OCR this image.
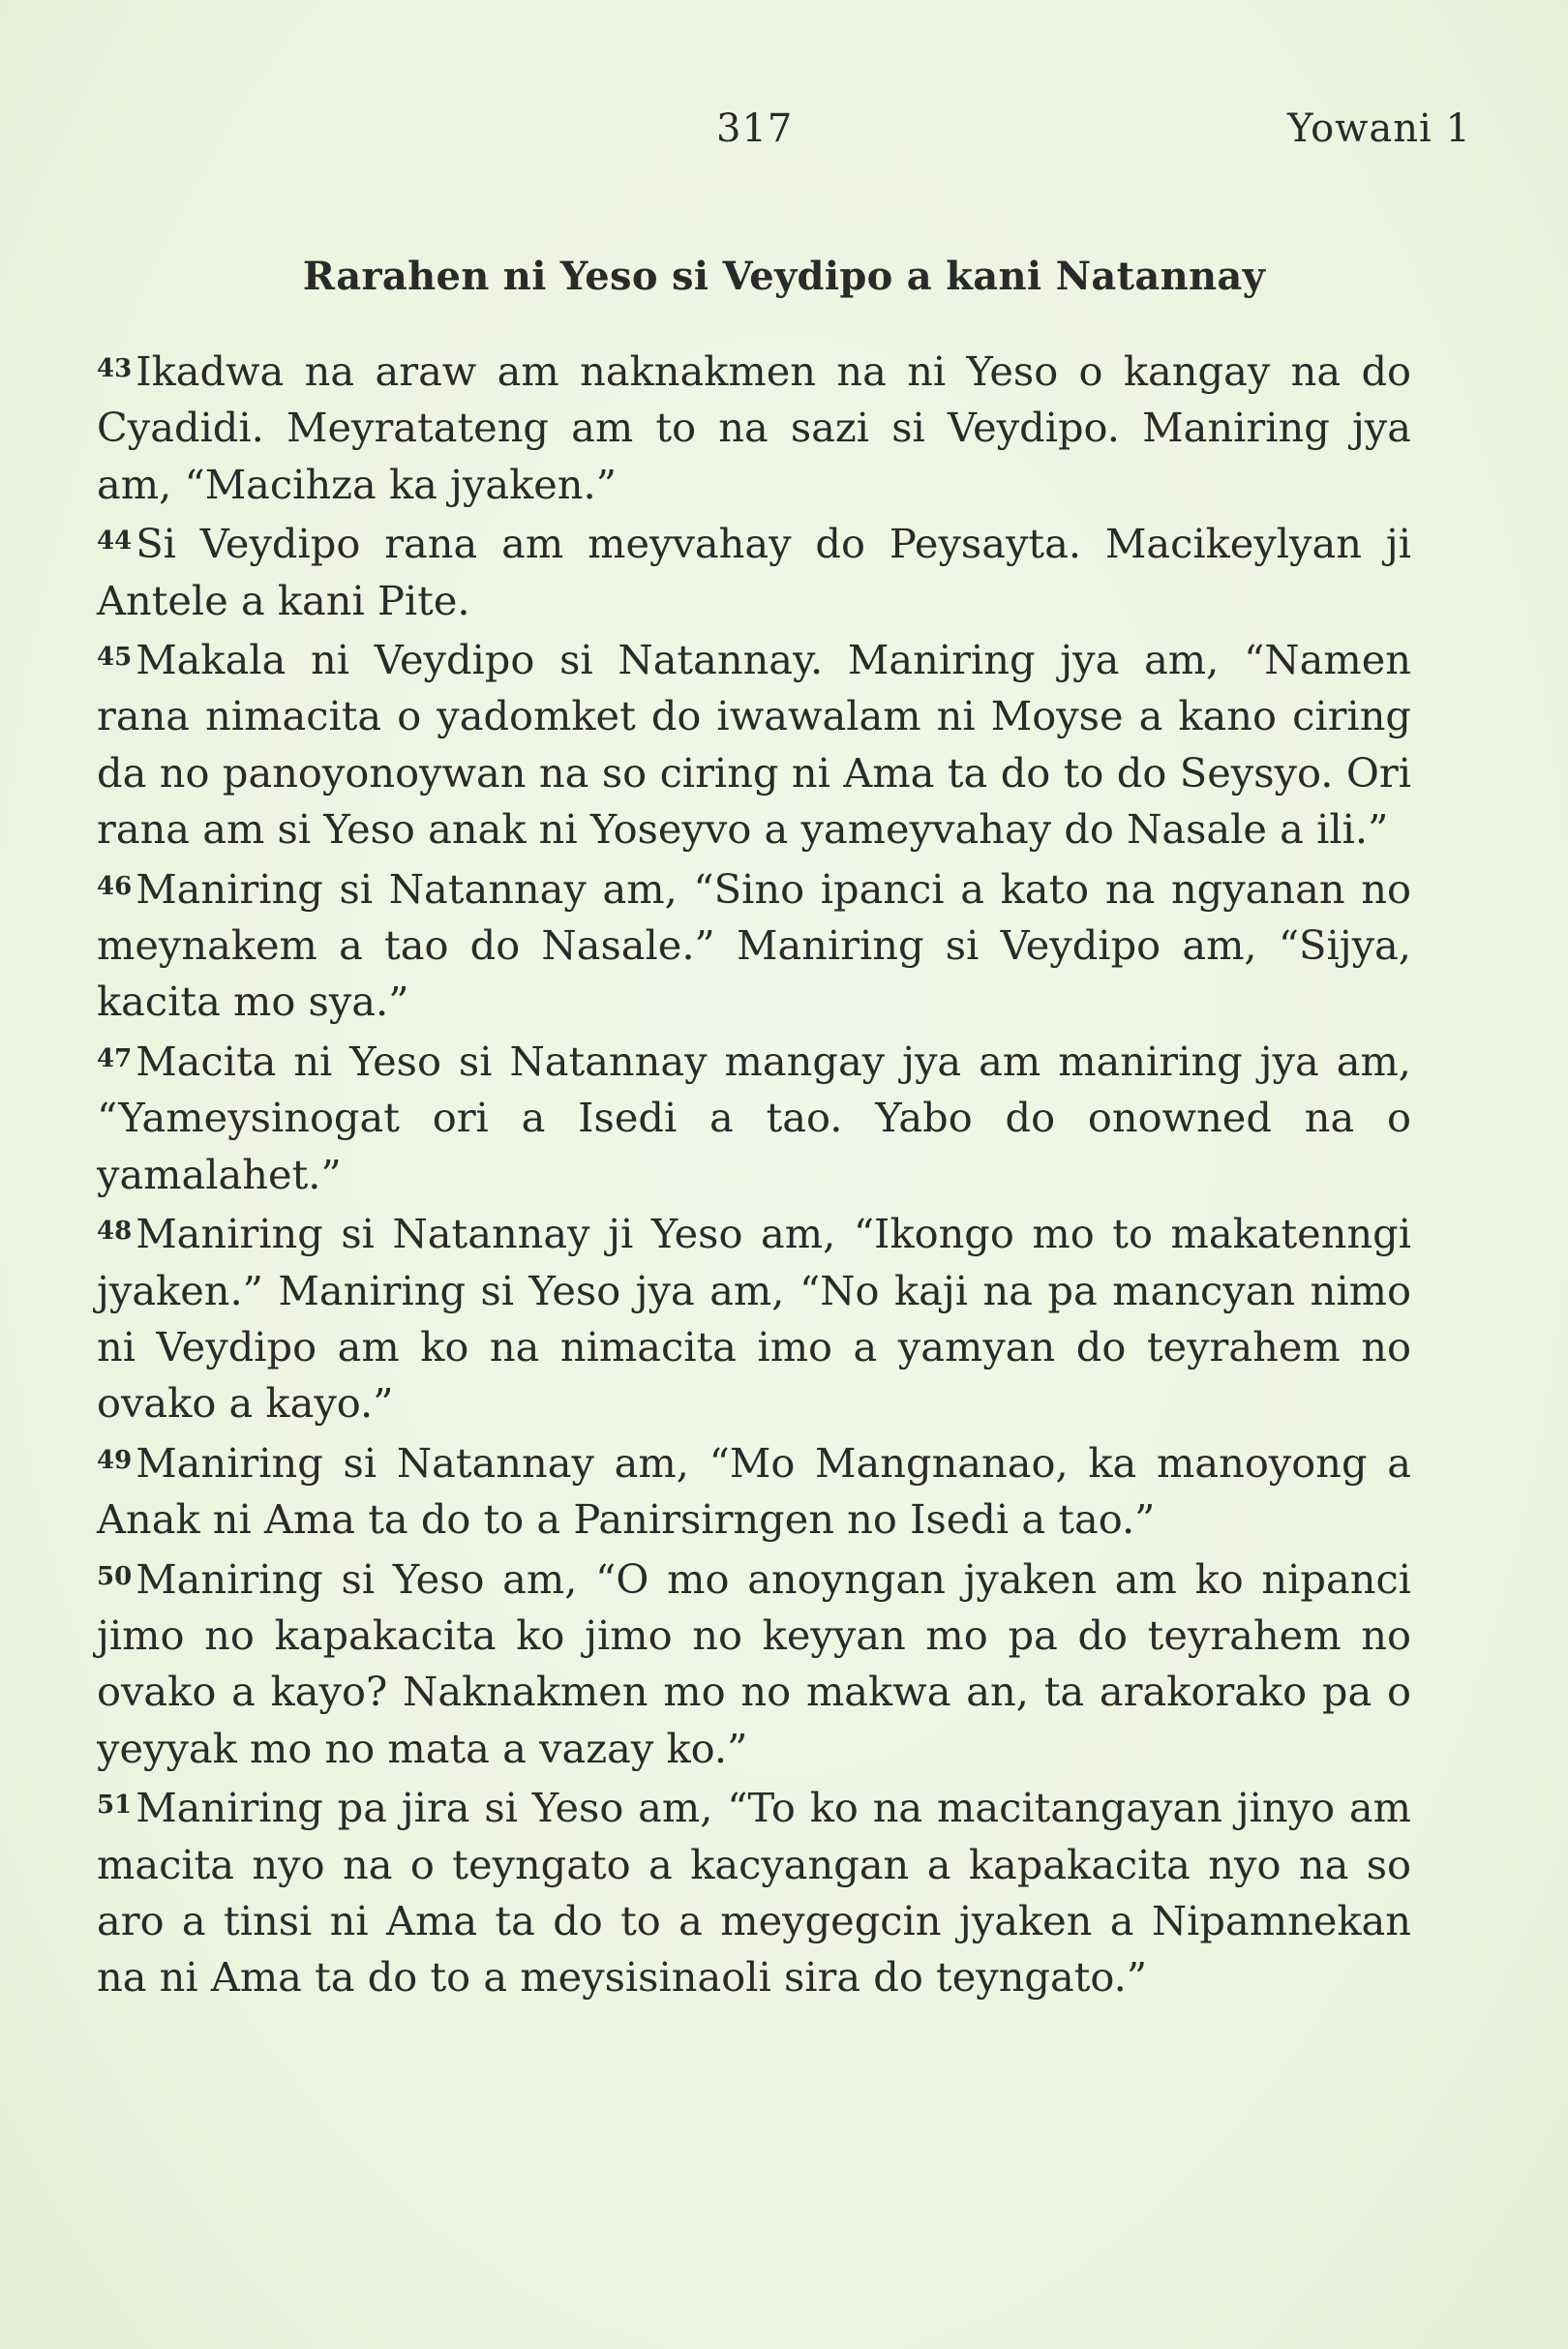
317	Yowani 1
Rarahen ni Yeso si Veydipo a kani Natannay

$^{43}$Ikadwa na araw am naknakmen na ni Yeso o kangay na do Cyadidi. Meyratateng am to na sazi si Veydipo. Maniring jya am, “Macihza ka jyaken.”

$^{44}$Si Veydipo rana am meyvahay do Peysayta. Macikeylyan ji Antele a kani Pite.

$^{45}$Makala ni Veydipo si Natannay. Maniring jya am, “Namen rana nimacita o yadomket do iwawalam ni Moyse a kano ciring da no panoyonoywan na so ciring ni Ama ta do to do Seysyo. Ori rana am si Yeso anak ni Yoseyvo a yameyvahay do Nasale a ili.”

$^{46}$Maniring si Natannay am, “Sino ipanci a kato na ngyanan no meynakem a tao do Nasale.” Maniring si Veydipo am, “Sijya, kacita mo sya.”

$^{47}$Macita ni Yeso si Natannay mangay jya am maniring jya am, “Yameysinogat ori a Isedi a tao. Yabo do onowned na o yamalahet.”

$^{48}$Maniring si Natannay ji Yeso am, “Ikongo mo to makatenngi jyaken.” Maniring si Yeso jya am, “No kaji na pa mancyan nimo ni Veydipo am ko na nimacita imo a yamyan do teyrahem no ovako a kayo.”

$^{49}$Maniring si Natannay am, “Mo Mangnanao, ka manoyong a Anak ni Ama ta do to a Panirsirngen no Isedi a tao.”

$^{50}$Maniring si Yeso am, “O mo anoyngan jyaken am ko nipanci jimo no kapakacita ko jimo no keyyan mo pa do teyrahem no ovako a kayo? Naknakmen mo no makwa an, ta arakorako pa o yeyyak mo no mata a vazay ko.”

$^{51}$Maniring pa jira si Yeso am, “To ko na macitangayan jinyo am macita nyo na o teyngato a kacyangan a kapakacita nyo na so aro a tinsi ni Ama ta do to a meygegcin jyaken a Nipamnekan na ni Ama ta do to a meysisinaoli sira do teyngato.”
